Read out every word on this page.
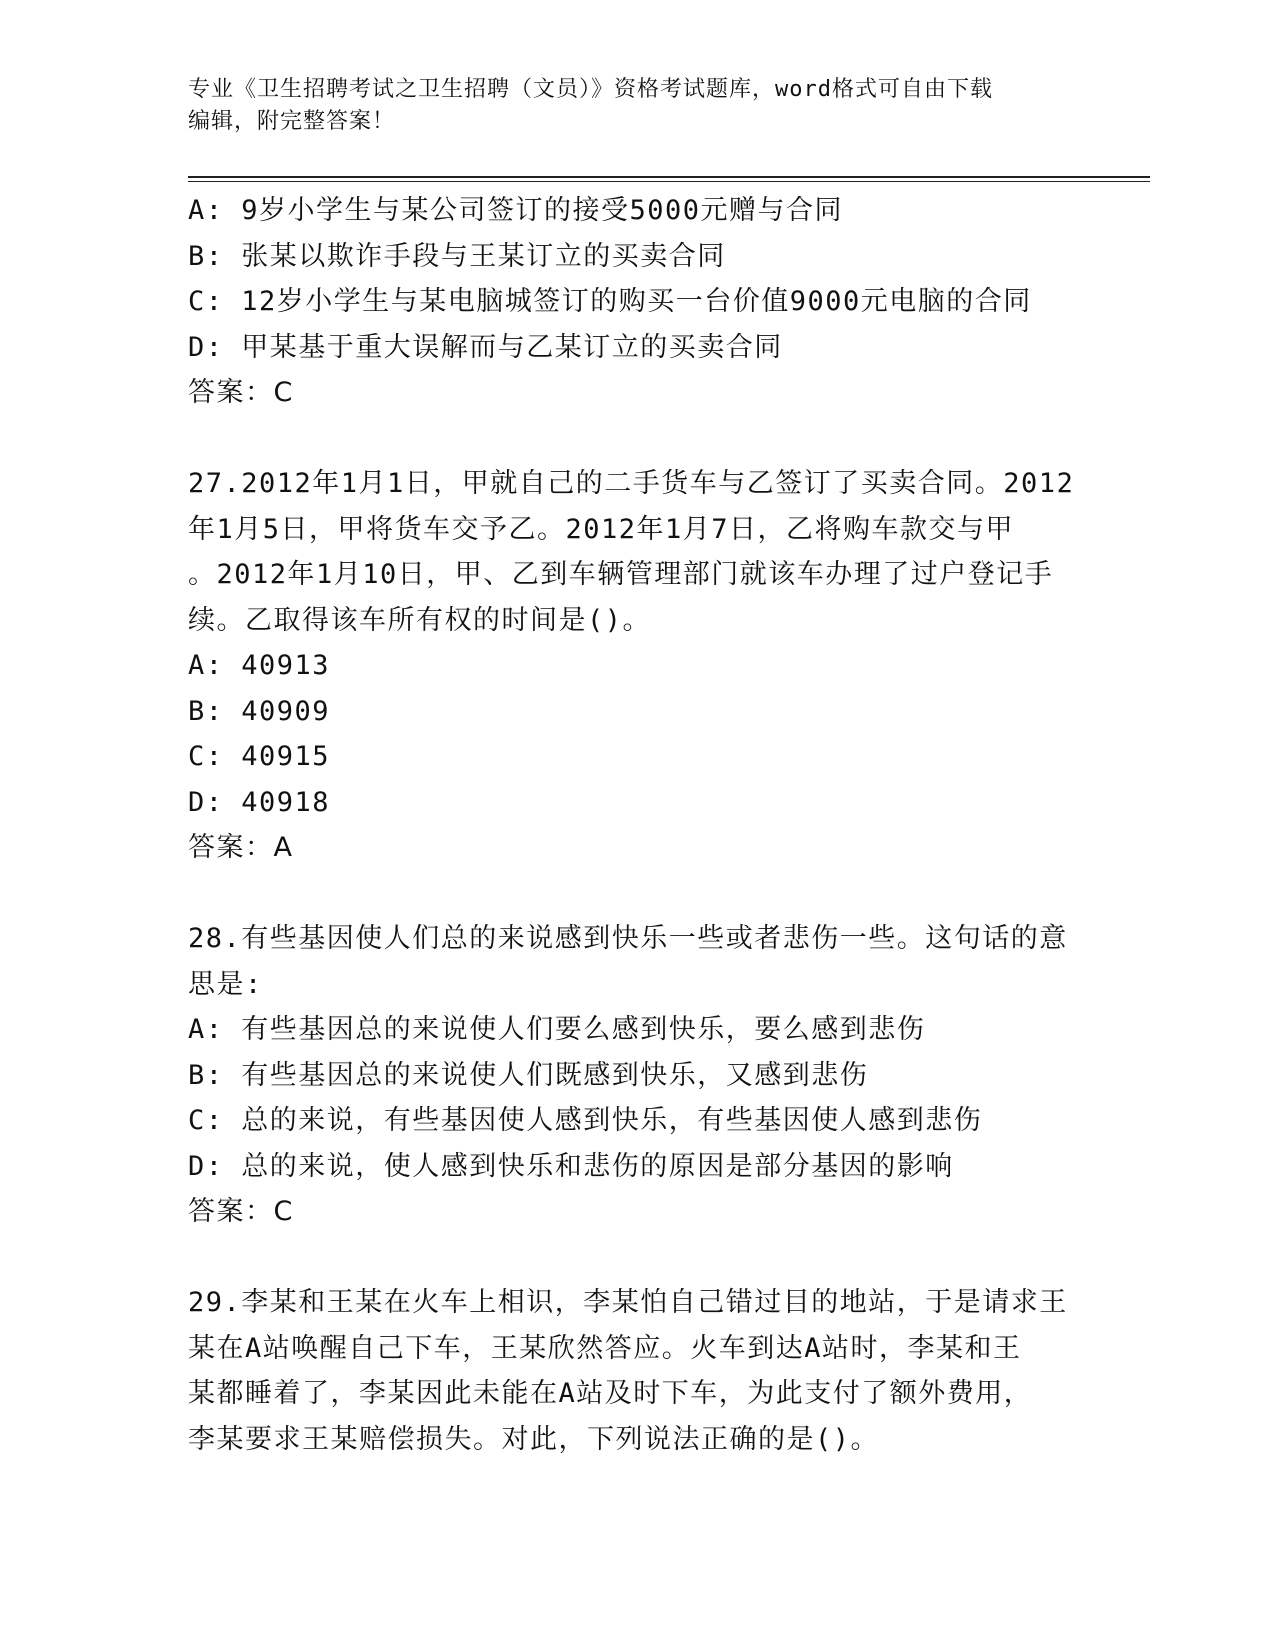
专业《卫生招聘考试之卫生招聘（文员）》资格考试题库，word格式可自由下载
编辑，附完整答案！
A: 9岁小学生与某公司签订的接受5000元赠与合同
B: 张某以欺诈手段与王某订立的买卖合同
C: 12岁小学生与某电脑城签订的购买一台价值9000元电脑的合同
D: 甲某基于重大误解而与乙某订立的买卖合同
答案：C
27.2012年1月1日，甲就自己的二手货车与乙签订了买卖合同。2012
年1月5日，甲将货车交予乙。2012年1月7日，乙将购车款交与甲
。2012年1月10日，甲、乙到车辆管理部门就该车办理了过户登记手
续。乙取得该车所有权的时间是()。
A: 40913
B: 40909
C: 40915
D: 40918
答案：A
28.有些基因使人们总的来说感到快乐一些或者悲伤一些。这句话的意
思是:
A: 有些基因总的来说使人们要么感到快乐，要么感到悲伤
B: 有些基因总的来说使人们既感到快乐，又感到悲伤
C: 总的来说，有些基因使人感到快乐，有些基因使人感到悲伤
D: 总的来说，使人感到快乐和悲伤的原因是部分基因的影响
答案：C
29.李某和王某在火车上相识，李某怕自己错过目的地站，于是请求王
某在A站唤醒自己下车，王某欣然答应。火车到达A站时，李某和王
某都睡着了，李某因此未能在A站及时下车，为此支付了额外费用，
李某要求王某赔偿损失。对此，下列说法正确的是()。
